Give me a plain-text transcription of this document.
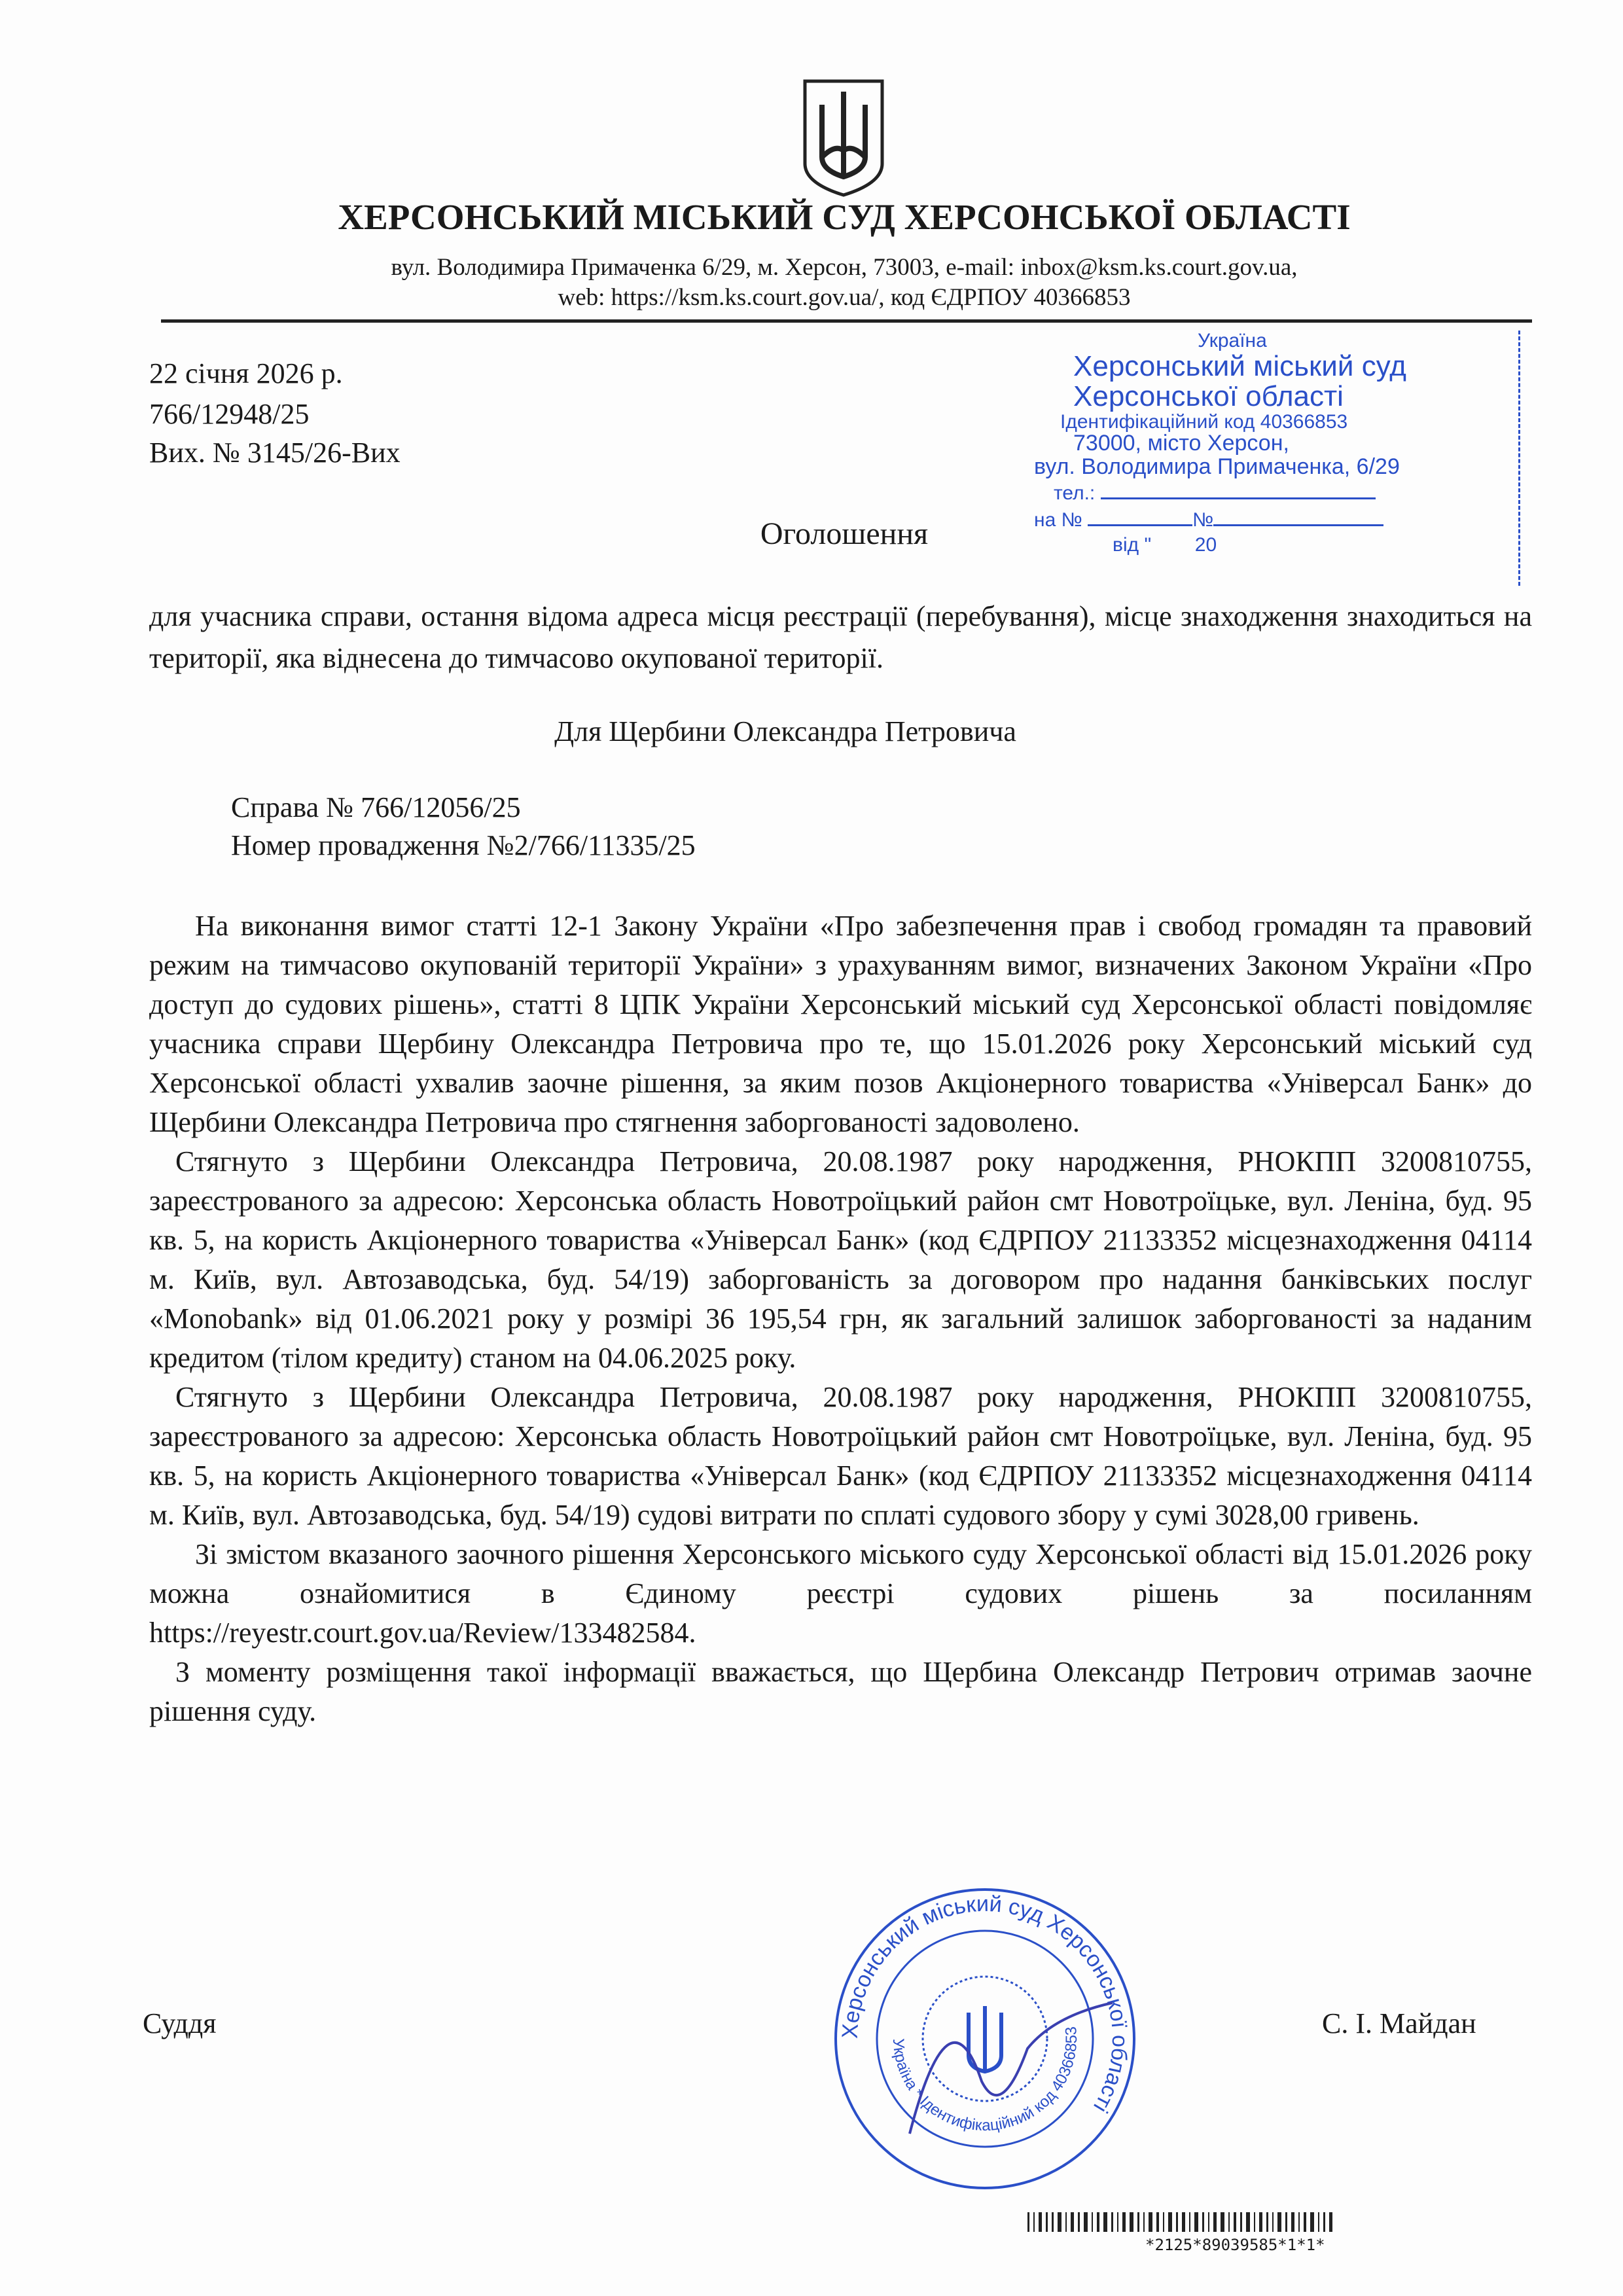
ХЕРСОНСЬКИЙ МІСЬКИЙ СУД ХЕРСОНСЬКОЇ ОБЛАСТІ
вул. Володимира Примаченка 6/29, м. Херсон, 73003, e-mail: inbox@ksm.ks.court.gov.ua,
web: https://ksm.ks.court.gov.ua/, код ЄДРПОУ 40366853
22 січня 2026 р.
766/12948/25
Вих. № 3145/26-Вих
Україна
Херсонський міський суд
Херсонської області
Ідентифікаційний код 40366853
73000, місто Херсон,
вул. Володимира Примаченка, 6/29
тел.:
на №	№
від " 20
Оголошення
для учасника справи, остання відома адреса місця реєстрації (перебування), місце знаходження знаходиться на території, яка віднесена до тимчасово окупованої території.
Для Щербини Олександра Петровича
Справа № 766/12056/25
Номер провадження №2/766/11335/25

На виконання вимог статті 12-1 Закону України «Про забезпечення прав і свобод громадян та правовий режим на тимчасово окупованій території України» з урахуванням вимог, визначених Законом України «Про доступ до судових рішень», статті 8 ЦПК України Херсонський міський суд Херсонської області повідомляє учасника справи Щербину Олександра Петровича про те, що 15.01.2026 року Херсонський міський суд Херсонської області ухвалив заочне рішення, за яким позов Акціонерного товариства «Універсал Банк» до Щербини Олександра Петровича про стягнення заборгованості задоволено.

Стягнуто з Щербини Олександра Петровича, 20.08.1987 року народження, РНОКПП 3200810755, зареєстрованого за адресою: Херсонська область Новотроїцький район смт Новотроїцьке, вул. Леніна, буд. 95 кв. 5, на користь Акціонерного товариства «Універсал Банк» (код ЄДРПОУ 21133352 місцезнаходження 04114 м. Київ, вул. Автозаводська, буд. 54/19) заборгованість за договором про надання банківських послуг «Monobank» від 01.06.2021 року у розмірі 36 195,54 грн, як загальний залишок заборгованості за наданим кредитом (тілом кредиту) станом на 04.06.2025 року.

Стягнуто з Щербини Олександра Петровича, 20.08.1987 року народження, РНОКПП 3200810755, зареєстрованого за адресою: Херсонська область Новотроїцький район смт Новотроїцьке, вул. Леніна, буд. 95 кв. 5, на користь Акціонерного товариства «Універсал Банк» (код ЄДРПОУ 21133352 місцезнаходження 04114 м. Київ, вул. Автозаводська, буд. 54/19) судові витрати по сплаті судового збору у сумі 3028,00 гривень.

Зі змістом вказаного заочного рішення Херсонського міського суду Херсонської області від 15.01.2026 року можна ознайомитися в Єдиному реєстрі судових рішень за посиланням https://reyestr.court.gov.ua/Review/133482584.

З моменту розміщення такої інформації вважається, що Щербина Олександр Петрович отримав заочне рішення суду.

Херсонський міський суд Херсонської області
Україна * Ідентифікаційний код 40366853
Суддя	С. І. Майдан
*2125*89039585*1*1*
